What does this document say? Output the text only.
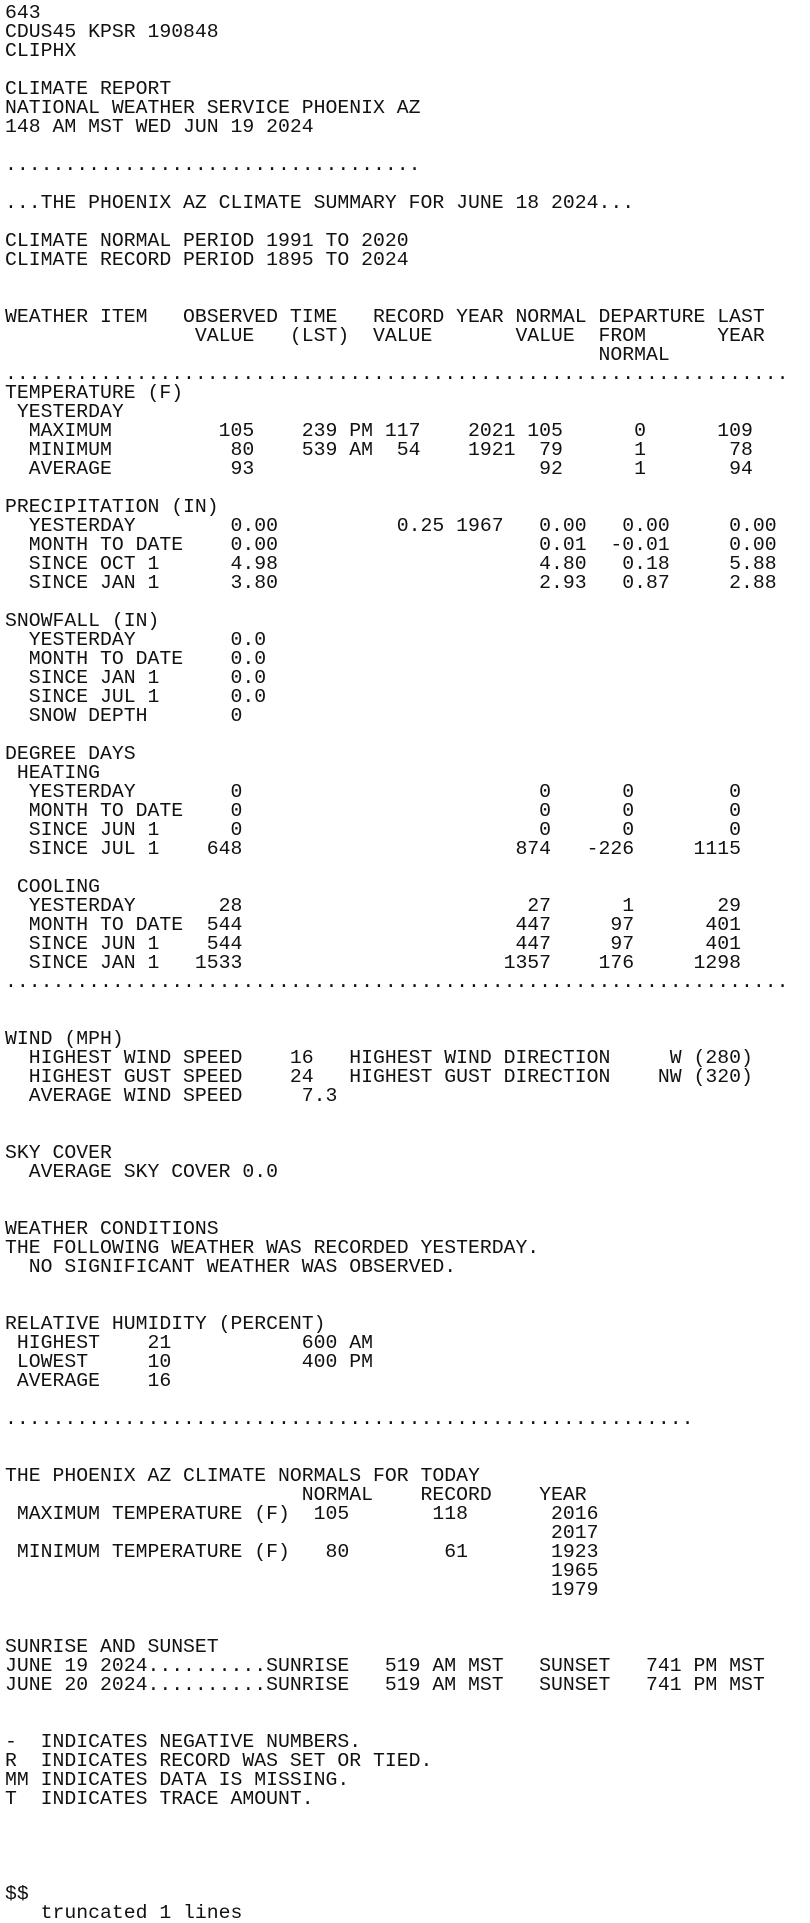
643
CDUS45 KPSR 190848
CLIPHX
CLIMATE REPORT
NATIONAL WEATHER SERVICE PHOENIX AZ
148 AM MST WED JUN 19 2024
...................................
...THE PHOENIX AZ CLIMATE SUMMARY FOR JUNE 18 2024...
CLIMATE NORMAL PERIOD 1991 TO 2020
CLIMATE RECORD PERIOD 1895 TO 2024
WEATHER ITEM   OBSERVED TIME   RECORD YEAR NORMAL DEPARTURE LAST
VALUE   (LST)  VALUE       VALUE  FROM      YEAR
NORMAL
..................................................................
TEMPERATURE (F)
YESTERDAY
MAXIMUM         105    239 PM 117    2021 105      0      109
MINIMUM          80    539 AM  54    1921  79      1       78
AVERAGE          93                        92      1       94
PRECIPITATION (IN)
YESTERDAY        0.00          0.25 1967   0.00   0.00     0.00
MONTH TO DATE    0.00                      0.01  -0.01     0.00
SINCE OCT 1      4.98                      4.80   0.18     5.88
SINCE JAN 1      3.80                      2.93   0.87     2.88
SNOWFALL (IN)
YESTERDAY        0.0
MONTH TO DATE    0.0
SINCE JAN 1      0.0
SINCE JUL 1      0.0
SNOW DEPTH       0
DEGREE DAYS
HEATING
YESTERDAY        0                         0      0        0
MONTH TO DATE    0                         0      0        0
SINCE JUN 1      0                         0      0        0
SINCE JUL 1    648                       874   -226     1115
COOLING
YESTERDAY       28                        27      1       29
MONTH TO DATE  544                       447     97      401
SINCE JUN 1    544                       447     97      401
SINCE JAN 1   1533                      1357    176     1298
..................................................................
WIND (MPH)
HIGHEST WIND SPEED    16   HIGHEST WIND DIRECTION     W (280)
HIGHEST GUST SPEED    24   HIGHEST GUST DIRECTION    NW (320)
AVERAGE WIND SPEED     7.3
SKY COVER
AVERAGE SKY COVER 0.0
WEATHER CONDITIONS
THE FOLLOWING WEATHER WAS RECORDED YESTERDAY.
NO SIGNIFICANT WEATHER WAS OBSERVED.
RELATIVE HUMIDITY (PERCENT)
HIGHEST    21           600 AM
LOWEST     10           400 PM
AVERAGE    16
..........................................................
THE PHOENIX AZ CLIMATE NORMALS FOR TODAY
NORMAL    RECORD    YEAR
MAXIMUM TEMPERATURE (F)  105       118       2016
2017
MINIMUM TEMPERATURE (F)   80        61       1923
1965
1979
SUNRISE AND SUNSET
JUNE 19 2024..........SUNRISE   519 AM MST   SUNSET   741 PM MST
JUNE 20 2024..........SUNRISE   519 AM MST   SUNSET   741 PM MST
-  INDICATES NEGATIVE NUMBERS.
R  INDICATES RECORD WAS SET OR TIED.
MM INDICATES DATA IS MISSING.
T  INDICATES TRACE AMOUNT.
$$
truncated 1 lines
